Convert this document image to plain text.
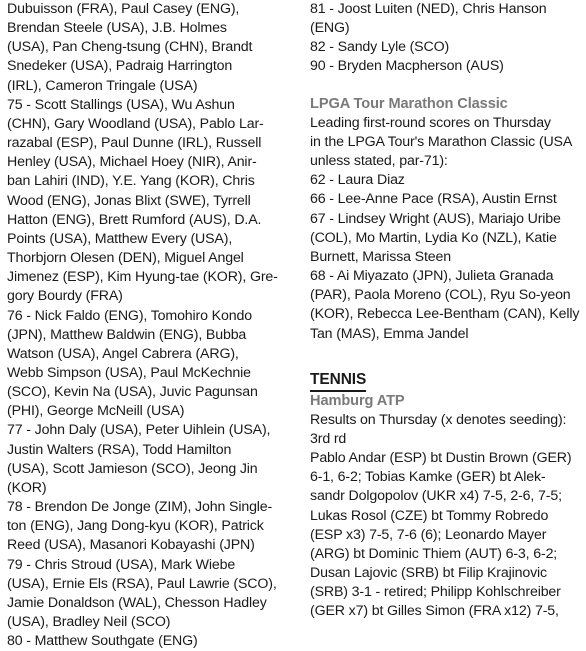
Dubuisson (FRA), Paul Casey (ENG),
Brendan Steele (USA), J.B. Holmes
(USA), Pan Cheng-tsung (CHN), Brandt
Snedeker (USA), Padraig Harrington
(IRL), Cameron Tringale (USA)
75 - Scott Stallings (USA), Wu Ashun
(CHN), Gary Woodland (USA), Pablo Lar-
razabal (ESP), Paul Dunne (IRL), Russell
Henley (USA), Michael Hoey (NIR), Anir-
ban Lahiri (IND), Y.E. Yang (KOR), Chris
Wood (ENG), Jonas Blixt (SWE), Tyrrell
Hatton (ENG), Brett Rumford (AUS), D.A.
Points (USA), Matthew Every (USA),
Thorbjorn Olesen (DEN), Miguel Angel
Jimenez (ESP), Kim Hyung-tae (KOR), Gre-
gory Bourdy (FRA)
76 - Nick Faldo (ENG), Tomohiro Kondo
(JPN), Matthew Baldwin (ENG), Bubba
Watson (USA), Angel Cabrera (ARG),
Webb Simpson (USA), Paul McKechnie
(SCO), Kevin Na (USA), Juvic Pagunsan
(PHI), George McNeill (USA)
77 - John Daly (USA), Peter Uihlein (USA),
Justin Walters (RSA), Todd Hamilton
(USA), Scott Jamieson (SCO), Jeong Jin
(KOR)
78 - Brendon De Jonge (ZIM), John Single-
ton (ENG), Jang Dong-kyu (KOR), Patrick
Reed (USA), Masanori Kobayashi (JPN)
79 - Chris Stroud (USA), Mark Wiebe
(USA), Ernie Els (RSA), Paul Lawrie (SCO),
Jamie Donaldson (WAL), Chesson Hadley
(USA), Bradley Neil (SCO)
80 - Matthew Southgate (ENG)
81 - Joost Luiten (NED), Chris Hanson
(ENG)
82 - Sandy Lyle (SCO)
90 - Bryden Macpherson (AUS)
LPGA Tour Marathon Classic
Leading first-round scores on Thursday
in the LPGA Tour's Marathon Classic (USA
unless stated, par-71):
62 - Laura Diaz
66 - Lee-Anne Pace (RSA), Austin Ernst
67 - Lindsey Wright (AUS), Mariajo Uribe
(COL), Mo Martin, Lydia Ko (NZL), Katie
Burnett, Marissa Steen
68 - Ai Miyazato (JPN), Julieta Granada
(PAR), Paola Moreno (COL), Ryu So-yeon
(KOR), Rebecca Lee-Bentham (CAN), Kelly
Tan (MAS), Emma Jandel
TENNIS
Hamburg ATP
Results on Thursday (x denotes seeding):
3rd rd
Pablo Andar (ESP) bt Dustin Brown (GER)
6-1, 6-2; Tobias Kamke (GER) bt Alek-
sandr Dolgopolov (UKR x4) 7-5, 2-6, 7-5;
Lukas Rosol (CZE) bt Tommy Robredo
(ESP x3) 7-5, 7-6 (6); Leonardo Mayer
(ARG) bt Dominic Thiem (AUT) 6-3, 6-2;
Dusan Lajovic (SRB) bt Filip Krajinovic
(SRB) 3-1 - retired; Philipp Kohlschreiber
(GER x7) bt Gilles Simon (FRA x12) 7-5,
